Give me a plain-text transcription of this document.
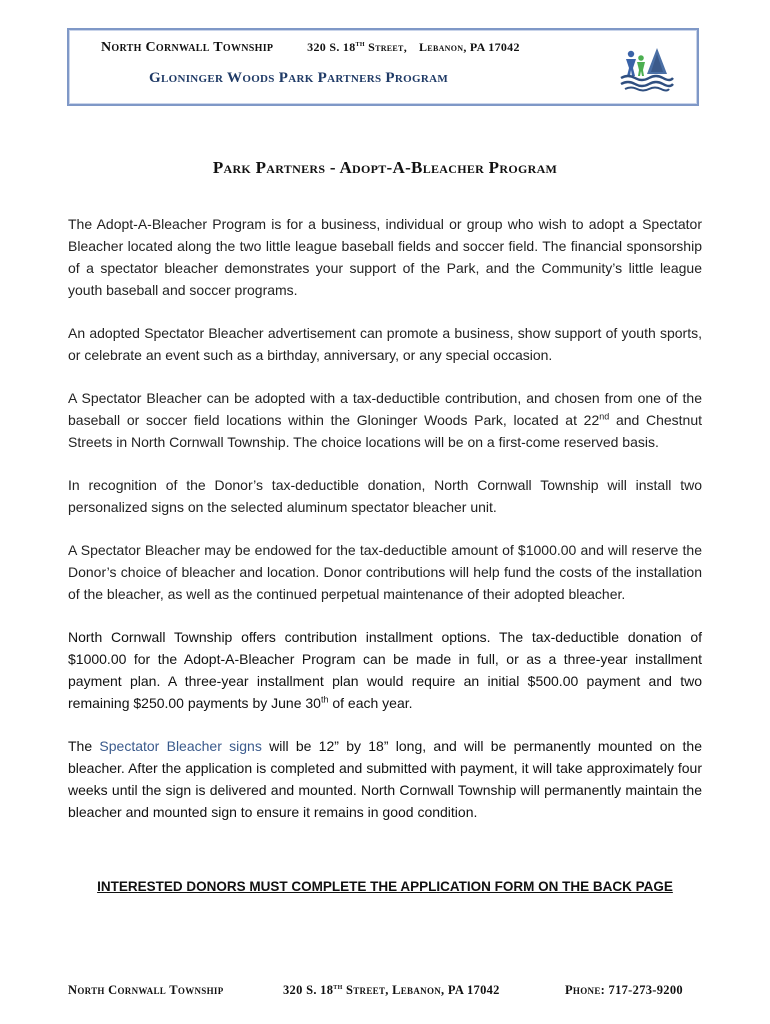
North Cornwall Township	320 S. 18th Street, Lebanon, PA 17042
Gloninger Woods Park Partners Program
Park Partners - Adopt-A-Bleacher Program

The Adopt-A-Bleacher Program is for a business, individual or group who wish to adopt a Spectator Bleacher located along the two little league baseball fields and soccer field. The financial sponsorship of a spectator bleacher demonstrates your support of the Park, and the Community’s little league youth baseball and soccer programs.

An adopted Spectator Bleacher advertisement can promote a business, show support of youth sports, or celebrate an event such as a birthday, anniversary, or any special occasion.

A Spectator Bleacher can be adopted with a tax-deductible contribution, and chosen from one of the baseball or soccer field locations within the Gloninger Woods Park, located at 22nd and Chestnut Streets in North Cornwall Township. The choice locations will be on a first-come reserved basis.

In recognition of the Donor’s tax-deductible donation, North Cornwall Township will install two personalized signs on the selected aluminum spectator bleacher unit.

A Spectator Bleacher may be endowed for the tax-deductible amount of $1000.00 and will reserve the Donor’s choice of bleacher and location. Donor contributions will help fund the costs of the installation of the bleacher, as well as the continued perpetual maintenance of their adopted bleacher.

North Cornwall Township offers contribution installment options. The tax-deductible donation of $1000.00 for the Adopt-A-Bleacher Program can be made in full, or as a three-year installment payment plan. A three-year installment plan would require an initial $500.00 payment and two remaining $250.00 payments by June 30th of each year.

The Spectator Bleacher signs will be 12” by 18” long, and will be permanently mounted on the bleacher. After the application is completed and submitted with payment, it will take approximately four weeks until the sign is delivered and mounted. North Cornwall Township will permanently maintain the bleacher and mounted sign to ensure it remains in good condition.

INTERESTED DONORS MUST COMPLETE THE APPLICATION FORM ON THE BACK PAGE
North Cornwall Township	320 S. 18th Street, Lebanon, PA 17042	Phone: 717-273-9200
